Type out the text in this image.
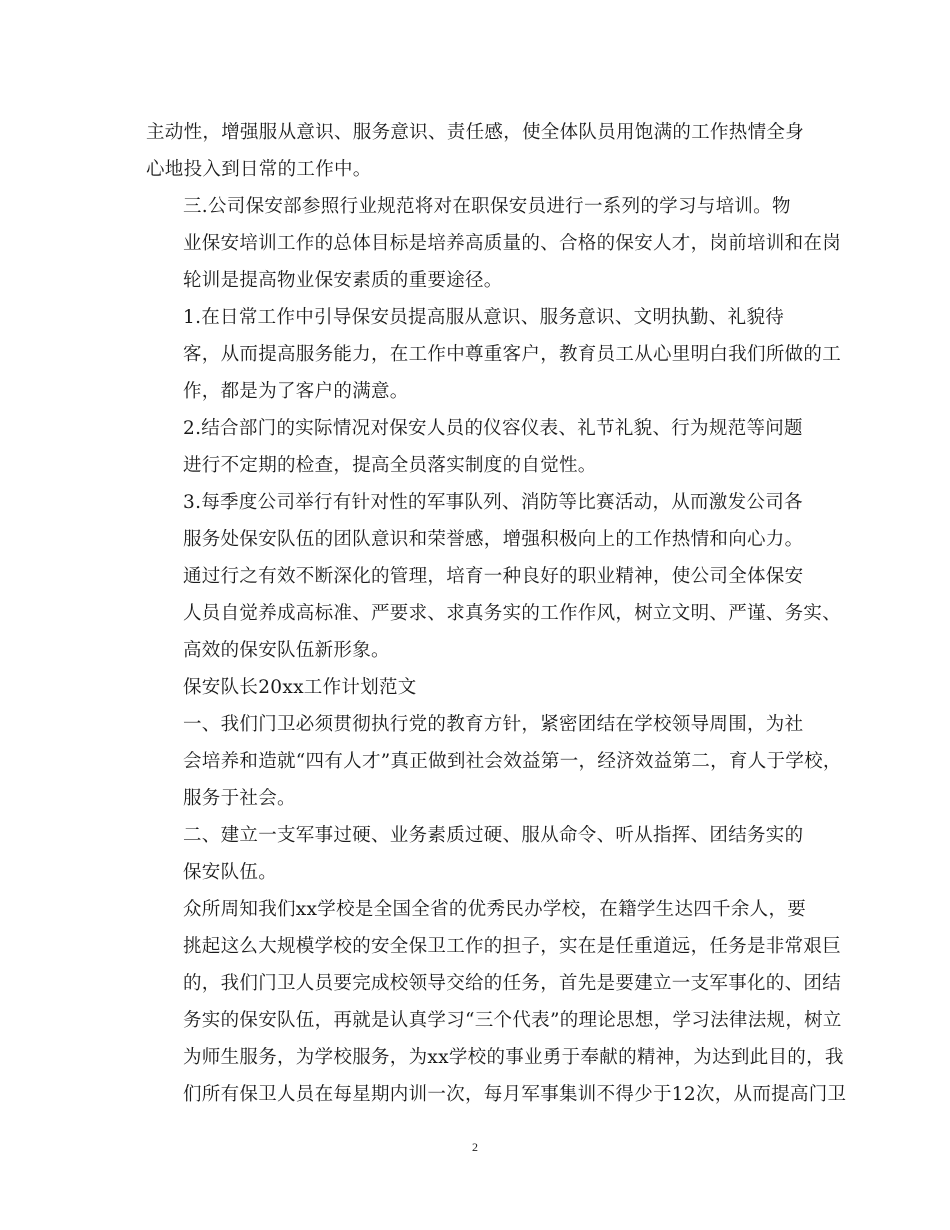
主动性，增强服从意识、服务意识、责任感，使全体队员用饱满的工作热情全身
心地投入到日常的工作中。

三.公司保安部参照行业规范将对在职保安员进行一系列的学习与培训。物
业保安培训工作的总体目标是培养高质量的、合格的保安人才，岗前培训和在岗
轮训是提高物业保安素质的重要途径。

1.在日常工作中引导保安员提高服从意识、服务意识、文明执勤、礼貌待
客，从而提高服务能力，在工作中尊重客户，教育员工从心里明白我们所做的工
作，都是为了客户的满意。

2.结合部门的实际情况对保安人员的仪容仪表、礼节礼貌、行为规范等问题
进行不定期的检查，提高全员落实制度的自觉性。

3.每季度公司举行有针对性的军事队列、消防等比赛活动，从而激发公司各
服务处保安队伍的团队意识和荣誉感，增强积极向上的工作热情和向心力。

通过行之有效不断深化的管理，培育一种良好的职业精神，使公司全体保安
人员自觉养成高标准、严要求、求真务实的工作作风，树立文明、严谨、务实、
高效的保安队伍新形象。

保安队长20xx工作计划范文

一、我们门卫必须贯彻执行党的教育方针，紧密团结在学校领导周围，为社
会培养和造就“四有人才”真正做到社会效益第一，经济效益第二，育人于学校，
服务于社会。

二、建立一支军事过硬、业务素质过硬、服从命令、听从指挥、团结务实的
保安队伍。

众所周知我们xx学校是全国全省的优秀民办学校，在籍学生达四千余人，要
挑起这么大规模学校的安全保卫工作的担子，实在是任重道远，任务是非常艰巨
的，我们门卫人员要完成校领导交给的任务，首先是要建立一支军事化的、团结
务实的保安队伍，再就是认真学习“三个代表”的理论思想，学习法律法规，树立
为师生服务，为学校服务，为xx学校的事业勇于奉献的精神，为达到此目的，我
们所有保卫人员在每星期内训一次，每月军事集训不得少于12次，从而提高门卫

2
